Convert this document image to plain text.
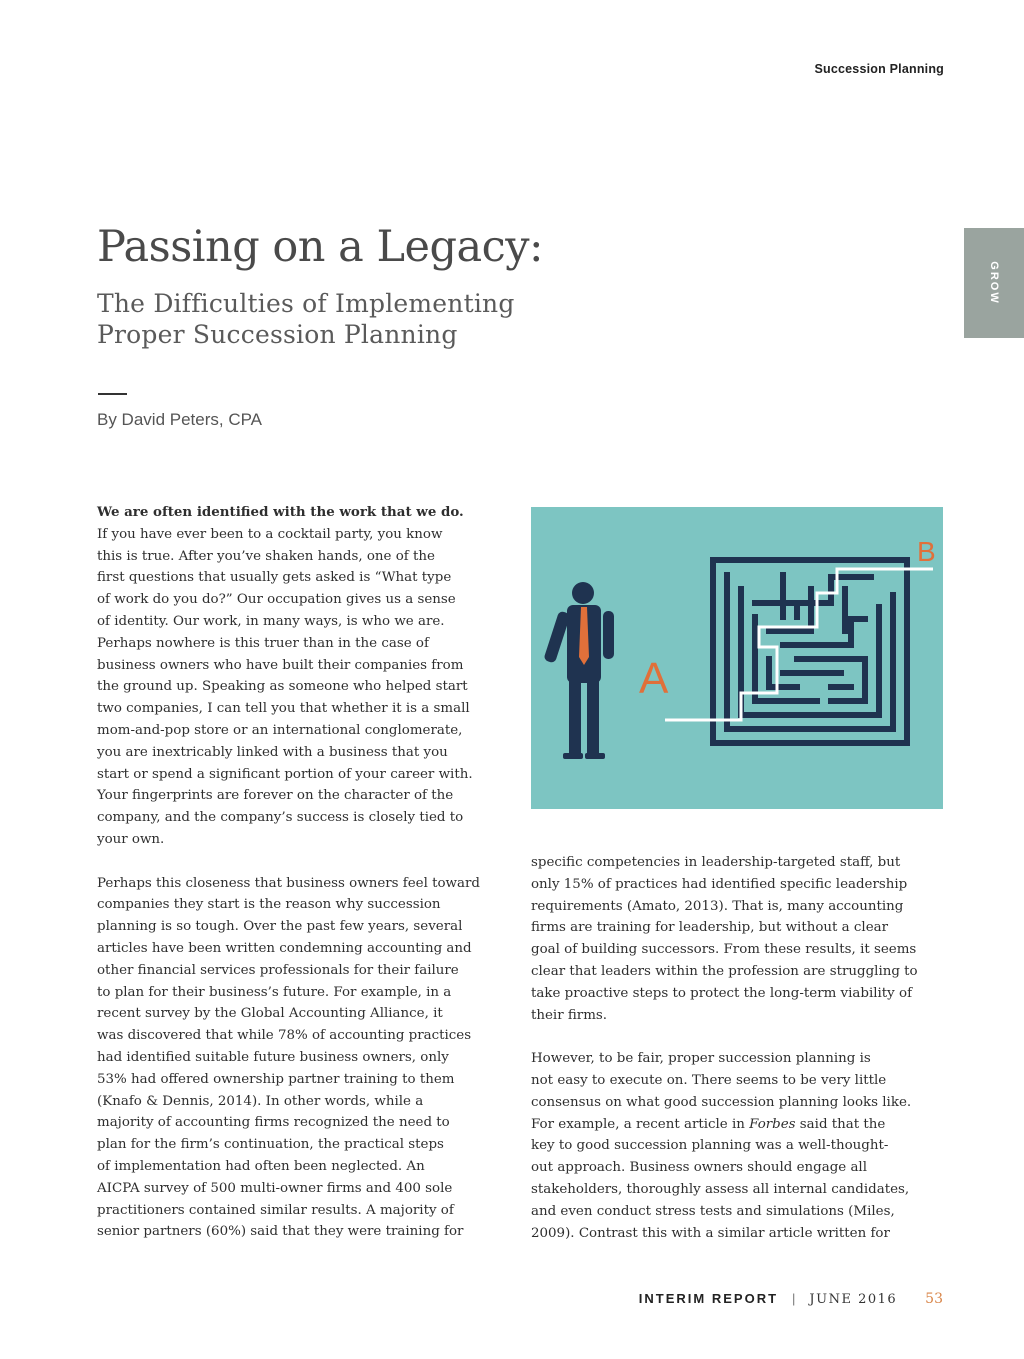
Succession Planning
GROW
Passing on a Legacy:
The Difficulties of Implementing
Proper Succession Planning
By David Peters, CPA
We are often identified with the work that we do.
If you have ever been to a cocktail party, you know
this is true. After you’ve shaken hands, one of the
first questions that usually gets asked is “What type
of work do you do?” Our occupation gives us a sense
of identity. Our work, in many ways, is who we are.
Perhaps nowhere is this truer than in the case of
business owners who have built their companies from
the ground up. Speaking as someone who helped start
two companies, I can tell you that whether it is a small
mom-and-pop store or an international conglomerate,
you are inextricably linked with a business that you
start or spend a significant portion of your career with.
Your fingerprints are forever on the character of the
company, and the company’s success is closely tied to
your own.
Perhaps this closeness that business owners feel toward
companies they start is the reason why succession
planning is so tough. Over the past few years, several
articles have been written condemning accounting and
other financial services professionals for their failure
to plan for their business’s future. For example, in a
recent survey by the Global Accounting Alliance, it
was discovered that while 78% of accounting practices
had identified suitable future business owners, only
53% had offered ownership partner training to them
(Knafo & Dennis, 2014). In other words, while a
majority of accounting firms recognized the need to
plan for the firm’s continuation, the practical steps
of implementation had often been neglected. An
AICPA survey of 500 multi-owner firms and 400 sole
practitioners contained similar results. A majority of
senior partners (60%) said that they were training for
A
B
specific competencies in leadership-targeted staff, but
only 15% of practices had identified specific leadership
requirements (Amato, 2013). That is, many accounting
firms are training for leadership, but without a clear
goal of building successors. From these results, it seems
clear that leaders within the profession are struggling to
take proactive steps to protect the long-term viability of
their firms.
However, to be fair, proper succession planning is
not easy to execute on. There seems to be very little
consensus on what good succession planning looks like.
For example, a recent article in Forbes said that the
key to good succession planning was a well-thought-
out approach. Business owners should engage all
stakeholders, thoroughly assess all internal candidates,
and even conduct stress tests and simulations (Miles,
2009). Contrast this with a similar article written for
INTERIM REPORT | JUNE 2016 53
